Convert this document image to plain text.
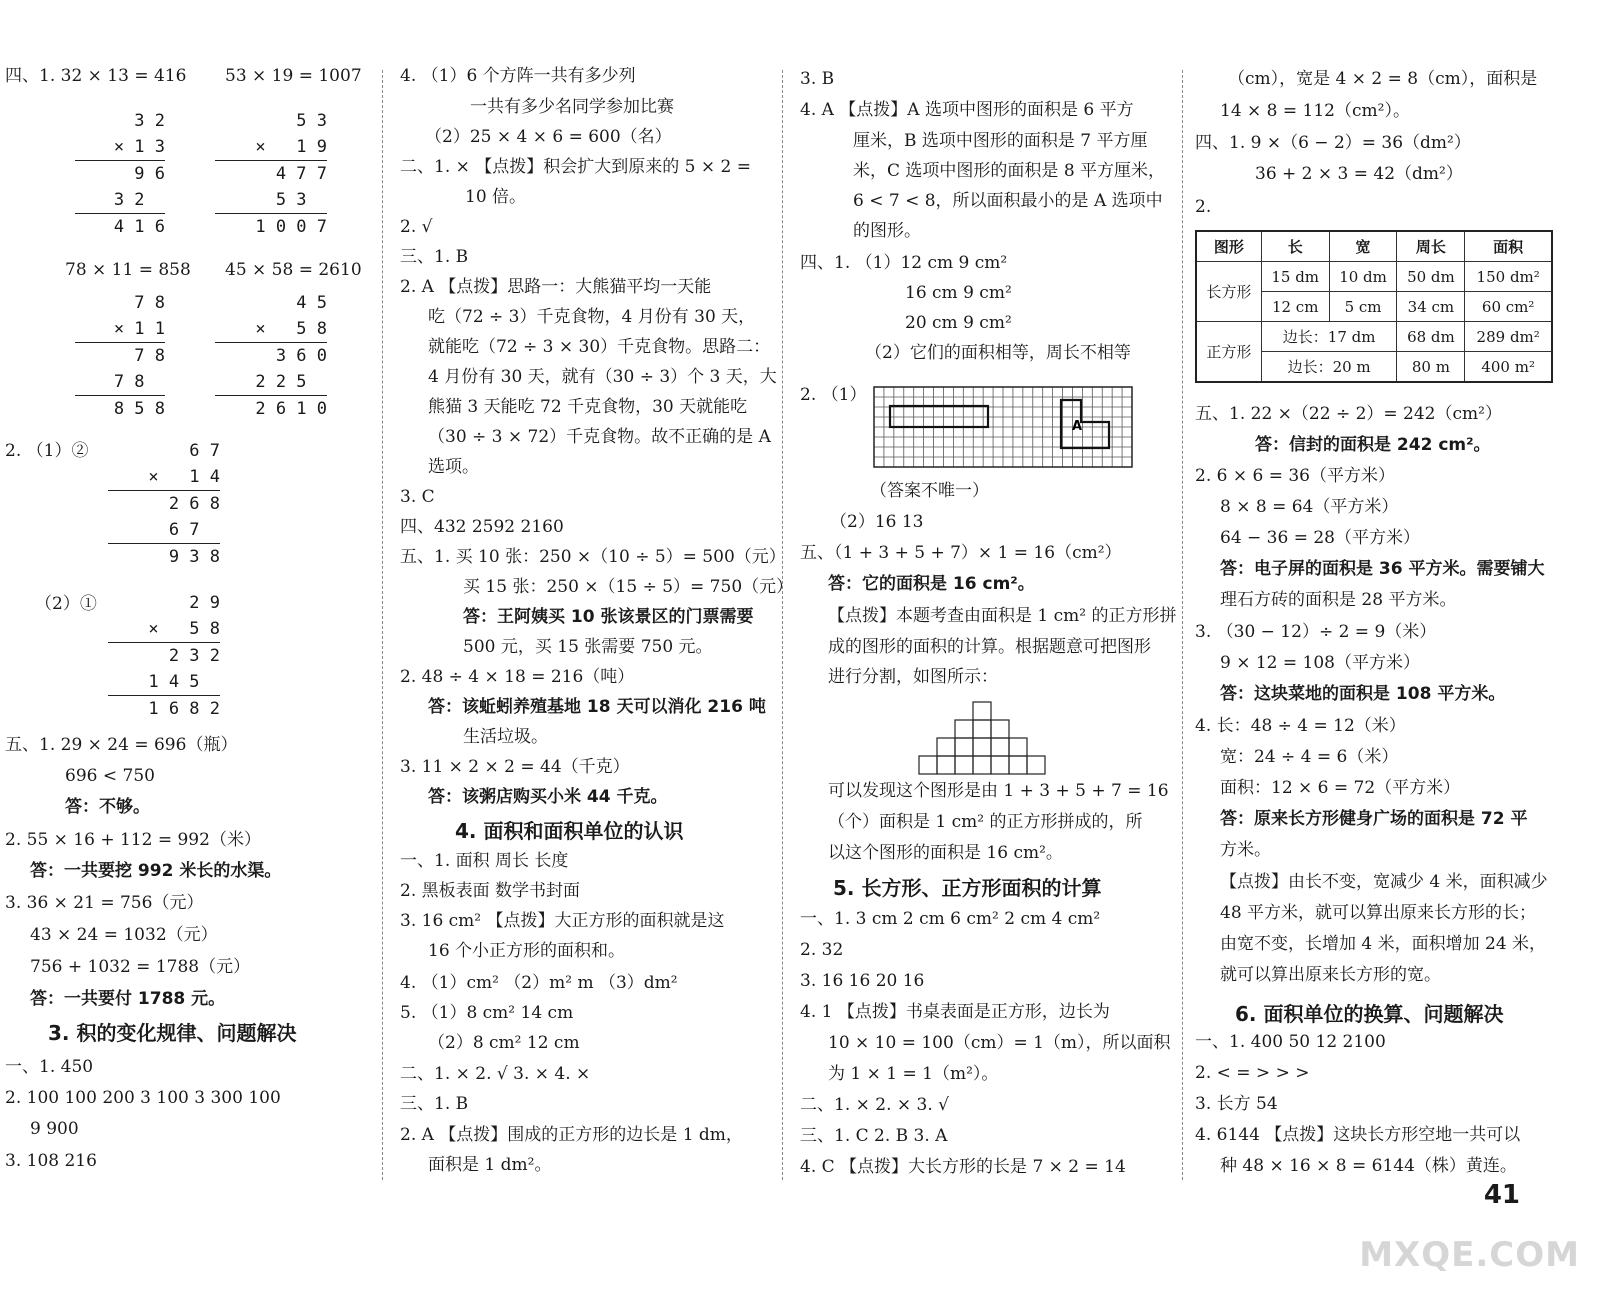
四、1. 32 × 13 = 416 53 × 19 = 1007
3 2
× 1 3
9 6
3 2
4 1 6
5 3
×   1 9
4 7 7
5 3
1 0 0 7
78 × 11 = 858 45 × 58 = 2610
7 8
× 1 1
7 8
7 8
8 5 8
4 5
×   5 8
3 6 0
2 2 5
2 6 1 0
2. （1）②	6 7
×   1 4
2 6 8
6 7
9 3 8
（2）①	2 9
×   5 8
2 3 2
1 4 5
1 6 8 2
五、1. 29 × 24 = 696（瓶）
696 < 750
答：不够。
2. 55 × 16 + 112 = 992（米）
答：一共要挖 992 米长的水渠。
3. 36 × 21 = 756（元）
43 × 24 = 1032（元）
756 + 1032 = 1788（元）
答：一共要付 1788 元。
3. 积的变化规律、问题解决
一、1. 450
2. 100 100 200 3 100 3 300 100
9 900
3. 108 216
4. （1）6 个方阵一共有多少列
一共有多少名同学参加比赛
（2）25 × 4 × 6 = 600（名）
二、1. × 【点拨】积会扩大到原来的 5 × 2 =
10 倍。
2. √
三、1. B
2. A 【点拨】思路一：大熊猫平均一天能
吃（72 ÷ 3）千克食物，4 月份有 30 天，
就能吃（72 ÷ 3 × 30）千克食物。思路二：
4 月份有 30 天，就有（30 ÷ 3）个 3 天，大
熊猫 3 天能吃 72 千克食物，30 天就能吃
（30 ÷ 3 × 72）千克食物。故不正确的是 A
选项。
3. C
四、432 2592 2160
五、1. 买 10 张：250 ×（10 ÷ 5）= 500（元）
买 15 张：250 ×（15 ÷ 5）= 750（元）
答：王阿姨买 10 张该景区的门票需要
500 元，买 15 张需要 750 元。
2. 48 ÷ 4 × 18 = 216（吨）
答：该蚯蚓养殖基地 18 天可以消化 216 吨
生活垃圾。
3. 11 × 2 × 2 = 44（千克）
答：该粥店购买小米 44 千克。
4. 面积和面积单位的认识
一、1. 面积 周长 长度
2. 黑板表面 数学书封面
3. 16 cm² 【点拨】大正方形的面积就是这
16 个小正方形的面积和。
4. （1）cm² （2）m² m （3）dm²
5. （1）8 cm² 14 cm
（2）8 cm² 12 cm
二、1. × 2. √ 3. × 4. ×
三、1. B
2. A 【点拨】围成的正方形的边长是 1 dm，
面积是 1 dm²。
3. B
4. A 【点拨】A 选项中图形的面积是 6 平方
厘米，B 选项中图形的面积是 7 平方厘
米，C 选项中图形的面积是 8 平方厘米，
6 < 7 < 8，所以面积最小的是 A 选项中
的图形。
四、1. （1）12 cm 9 cm²
16 cm 9 cm²
20 cm 9 cm²
（2）它们的面积相等，周长不相等
2. （1）
A
（答案不唯一）
（2）16 13
五、（1 + 3 + 5 + 7）× 1 = 16（cm²）
答：它的面积是 16 cm²。
【点拨】本题考查由面积是 1 cm² 的正方形拼
成的图形的面积的计算。根据题意可把图形
进行分割，如图所示：
可以发现这个图形是由 1 + 3 + 5 + 7 = 16
（个）面积是 1 cm² 的正方形拼成的，所
以这个图形的面积是 16 cm²。
5. 长方形、正方形面积的计算
一、1. 3 cm 2 cm 6 cm² 2 cm 4 cm²
2. 32
3. 16 16 20 16
4. 1 【点拨】书桌表面是正方形，边长为
10 × 10 = 100（cm）= 1（m），所以面积
为 1 × 1 = 1（m²）。
二、1. × 2. × 3. √
三、1. C 2. B 3. A
4. C 【点拨】大长方形的长是 7 × 2 = 14
（cm），宽是 4 × 2 = 8（cm），面积是
14 × 8 = 112（cm²）。
四、1. 9 ×（6 − 2）= 36（dm²）
36 + 2 × 3 = 42（dm²）
2.
图形	长	宽	周长	面积
长方形	15 dm	10 dm	50 dm	150 dm²
	12 cm	5 cm	34 cm	60 cm²
正方形	边长：17 dm		68 dm	289 dm²
	边长：20 m		80 m	400 m²
五、1. 22 ×（22 ÷ 2）= 242（cm²）
答：信封的面积是 242 cm²。
2. 6 × 6 = 36（平方米）
8 × 8 = 64（平方米）
64 − 36 = 28（平方米）
答：电子屏的面积是 36 平方米。需要铺大
理石方砖的面积是 28 平方米。
3. （30 − 12）÷ 2 = 9（米）
9 × 12 = 108（平方米）
答：这块菜地的面积是 108 平方米。
4. 长：48 ÷ 4 = 12（米）
宽：24 ÷ 4 = 6（米）
面积：12 × 6 = 72（平方米）
答：原来长方形健身广场的面积是 72 平
方米。
【点拨】由长不变，宽减少 4 米，面积减少
48 平方米，就可以算出原来长方形的长；
由宽不变，长增加 4 米，面积增加 24 米，
就可以算出原来长方形的宽。
6. 面积单位的换算、问题解决
一、1. 400 50 12 2100
2. < = > > >
3. 长方 54
4. 6144 【点拨】这块长方形空地一共可以
种 48 × 16 × 8 = 6144（株）黄连。
41
MXQE.COM
